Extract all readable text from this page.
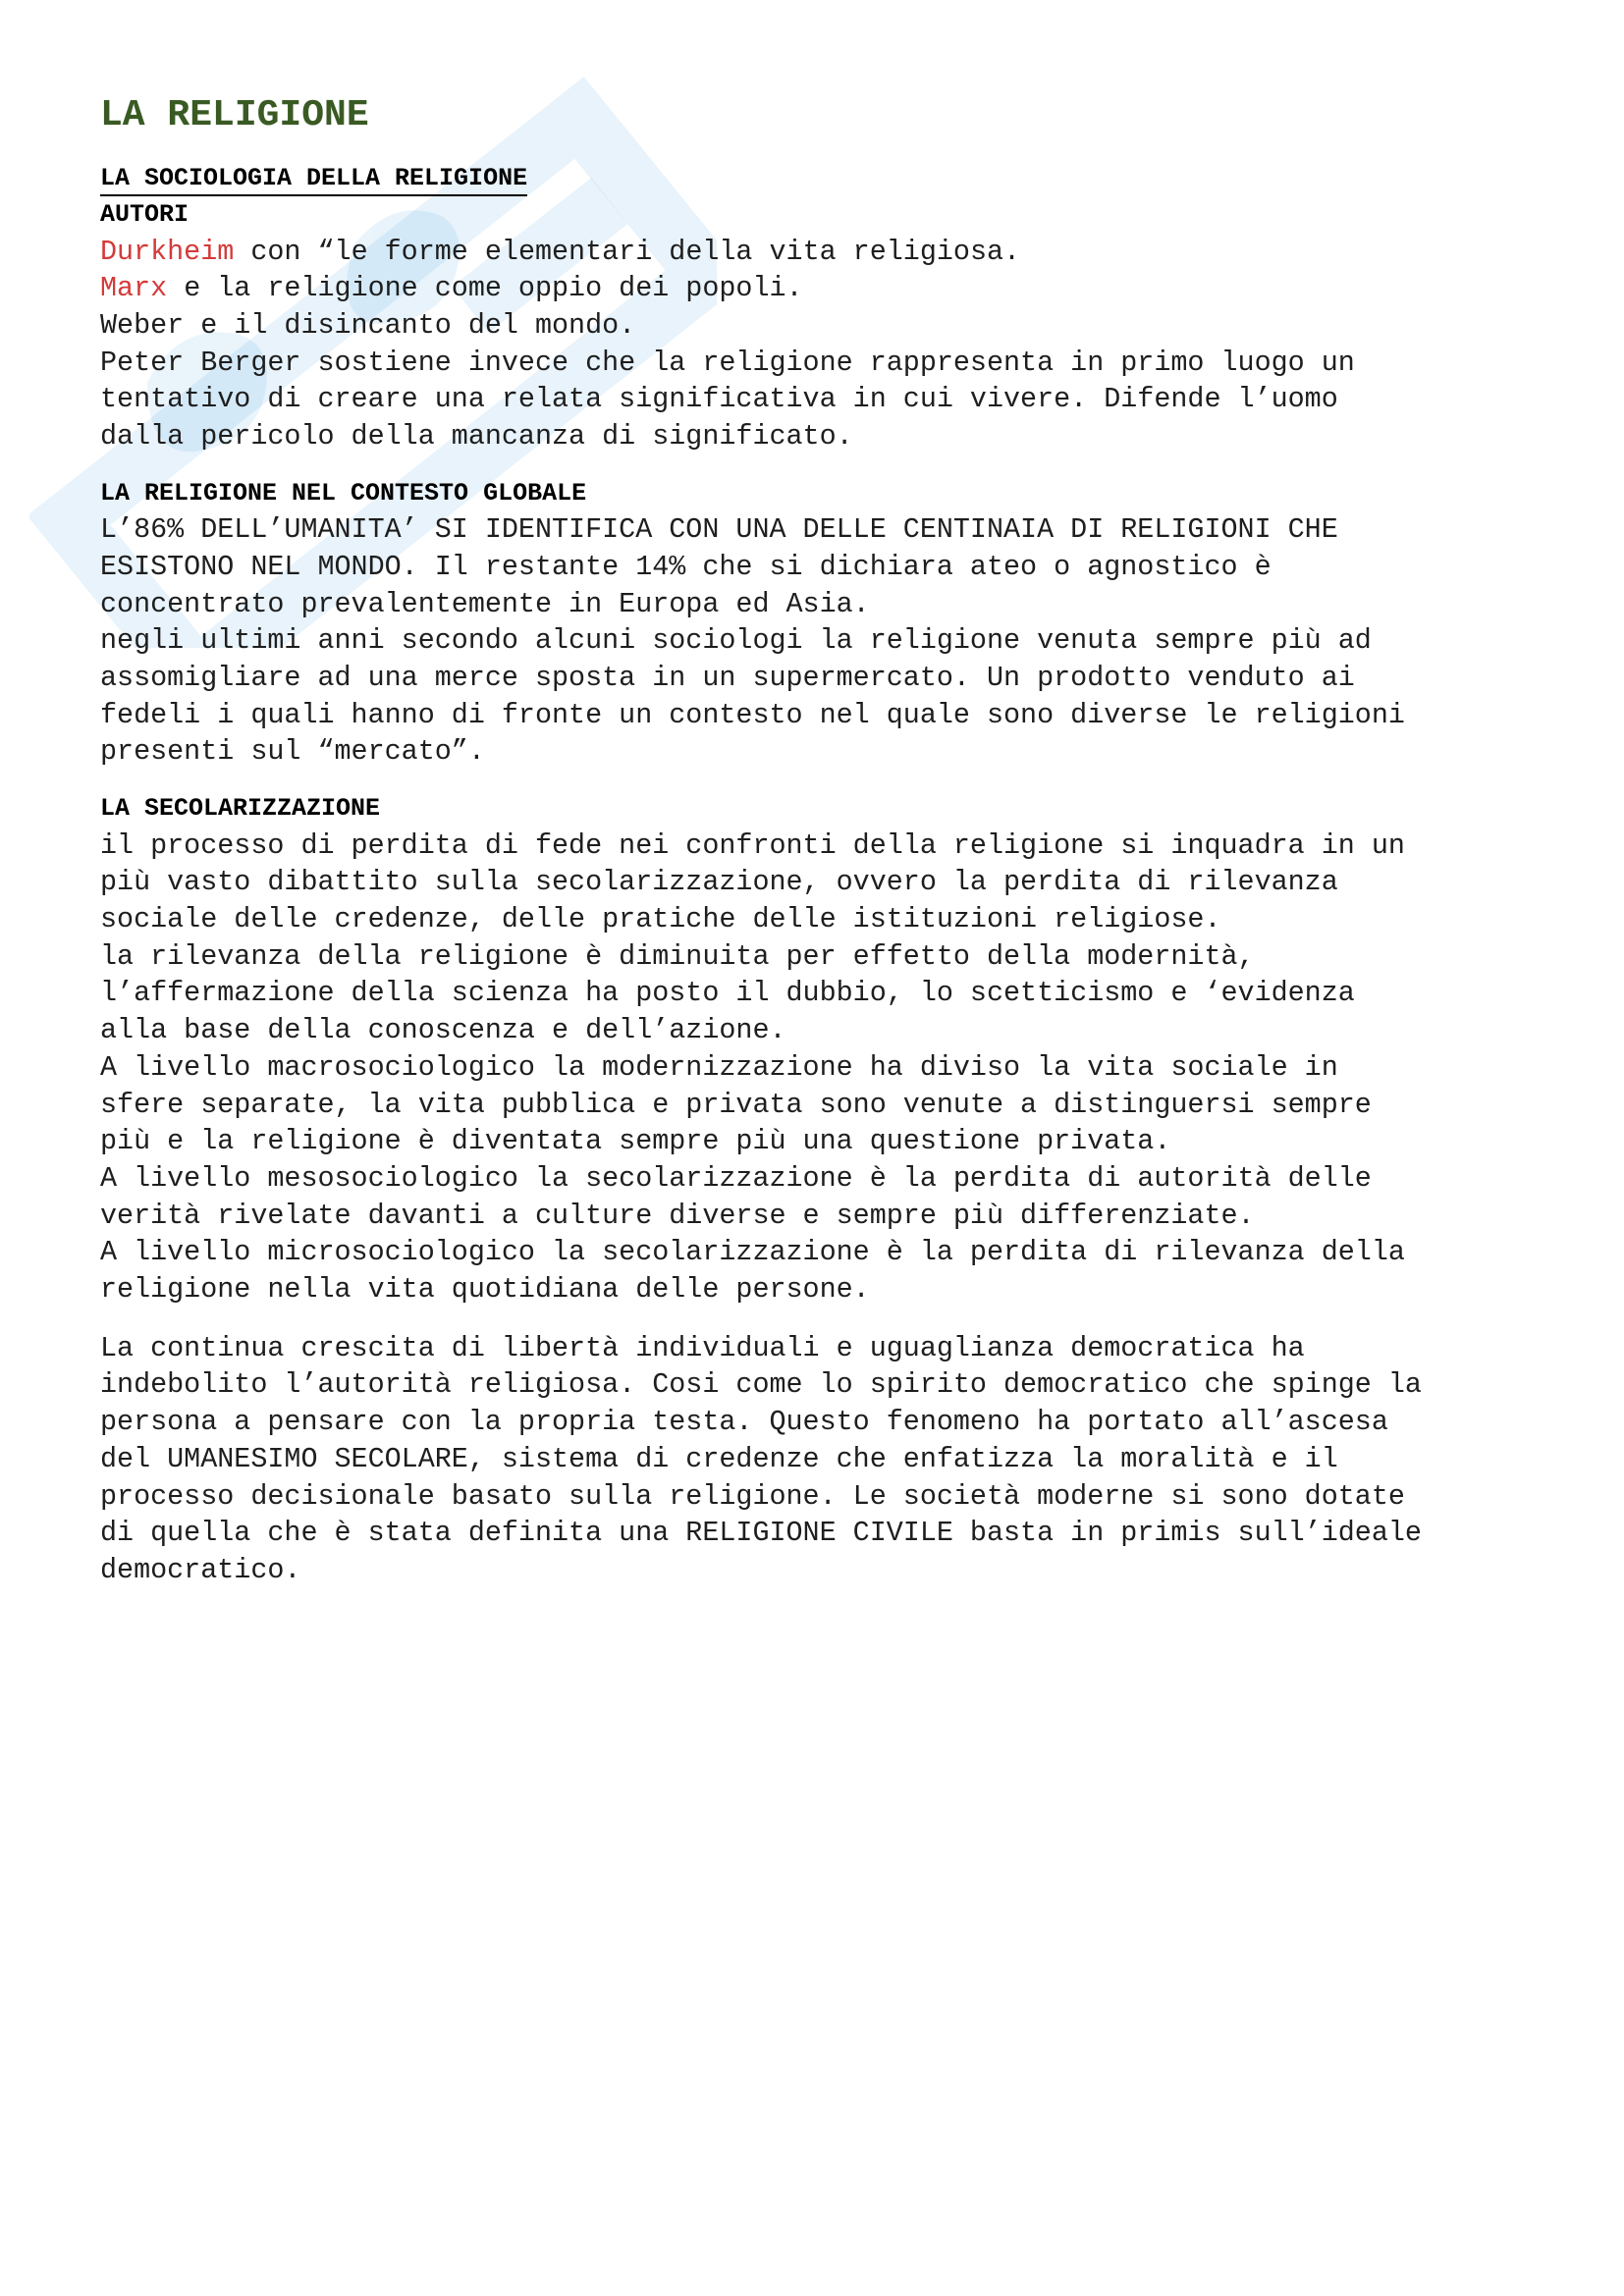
LA RELIGIONE
LA SOCIOLOGIA DELLA RELIGIONE

AUTORI

Durkheim con “le forme elementari della vita religiosa.

Marx e la religione come oppio dei popoli.

Weber e il disincanto del mondo.

Peter Berger sostiene invece che la religione rappresenta in primo luogo un

tentativo di creare una relata significativa in cui vivere. Difende l’uomo

dalla pericolo della mancanza di significato.

LA RELIGIONE NEL CONTESTO GLOBALE

L’86% DELL’UMANITA’ SI IDENTIFICA CON UNA DELLE CENTINAIA DI RELIGIONI CHE

ESISTONO NEL MONDO. Il restante 14% che si dichiara ateo o agnostico è

concentrato prevalentemente in Europa ed Asia.

negli ultimi anni secondo alcuni sociologi la religione venuta sempre più ad

assomigliare ad una merce sposta in un supermercato. Un prodotto venduto ai

fedeli i quali hanno di fronte un contesto nel quale sono diverse le religioni

presenti sul “mercato”.

LA SECOLARIZZAZIONE

il processo di perdita di fede nei confronti della religione si inquadra in un

più vasto dibattito sulla secolarizzazione, ovvero la perdita di rilevanza

sociale delle credenze, delle pratiche delle istituzioni religiose.

la rilevanza della religione è diminuita per effetto della modernità,

l’affermazione della scienza ha posto il dubbio, lo scetticismo e ‘evidenza

alla base della conoscenza e dell’azione.

A livello macrosociologico la modernizzazione ha diviso la vita sociale in

sfere separate, la vita pubblica e privata sono venute a distinguersi sempre

più e la religione è diventata sempre più una questione privata.

A livello mesosociologico la secolarizzazione è la perdita di autorità delle

verità rivelate davanti a culture diverse e sempre più differenziate.

A livello microsociologico la secolarizzazione è la perdita di rilevanza della

religione nella vita quotidiana delle persone.

La continua crescita di libertà individuali e uguaglianza democratica ha

indebolito l’autorità religiosa. Cosi come lo spirito democratico che spinge la

persona a pensare con la propria testa. Questo fenomeno ha portato all’ascesa

del UMANESIMO SECOLARE, sistema di credenze che enfatizza la moralità e il

processo decisionale basato sulla religione. Le società moderne si sono dotate

di quella che è stata definita una RELIGIONE CIVILE basta in primis sull’ideale

democratico.
